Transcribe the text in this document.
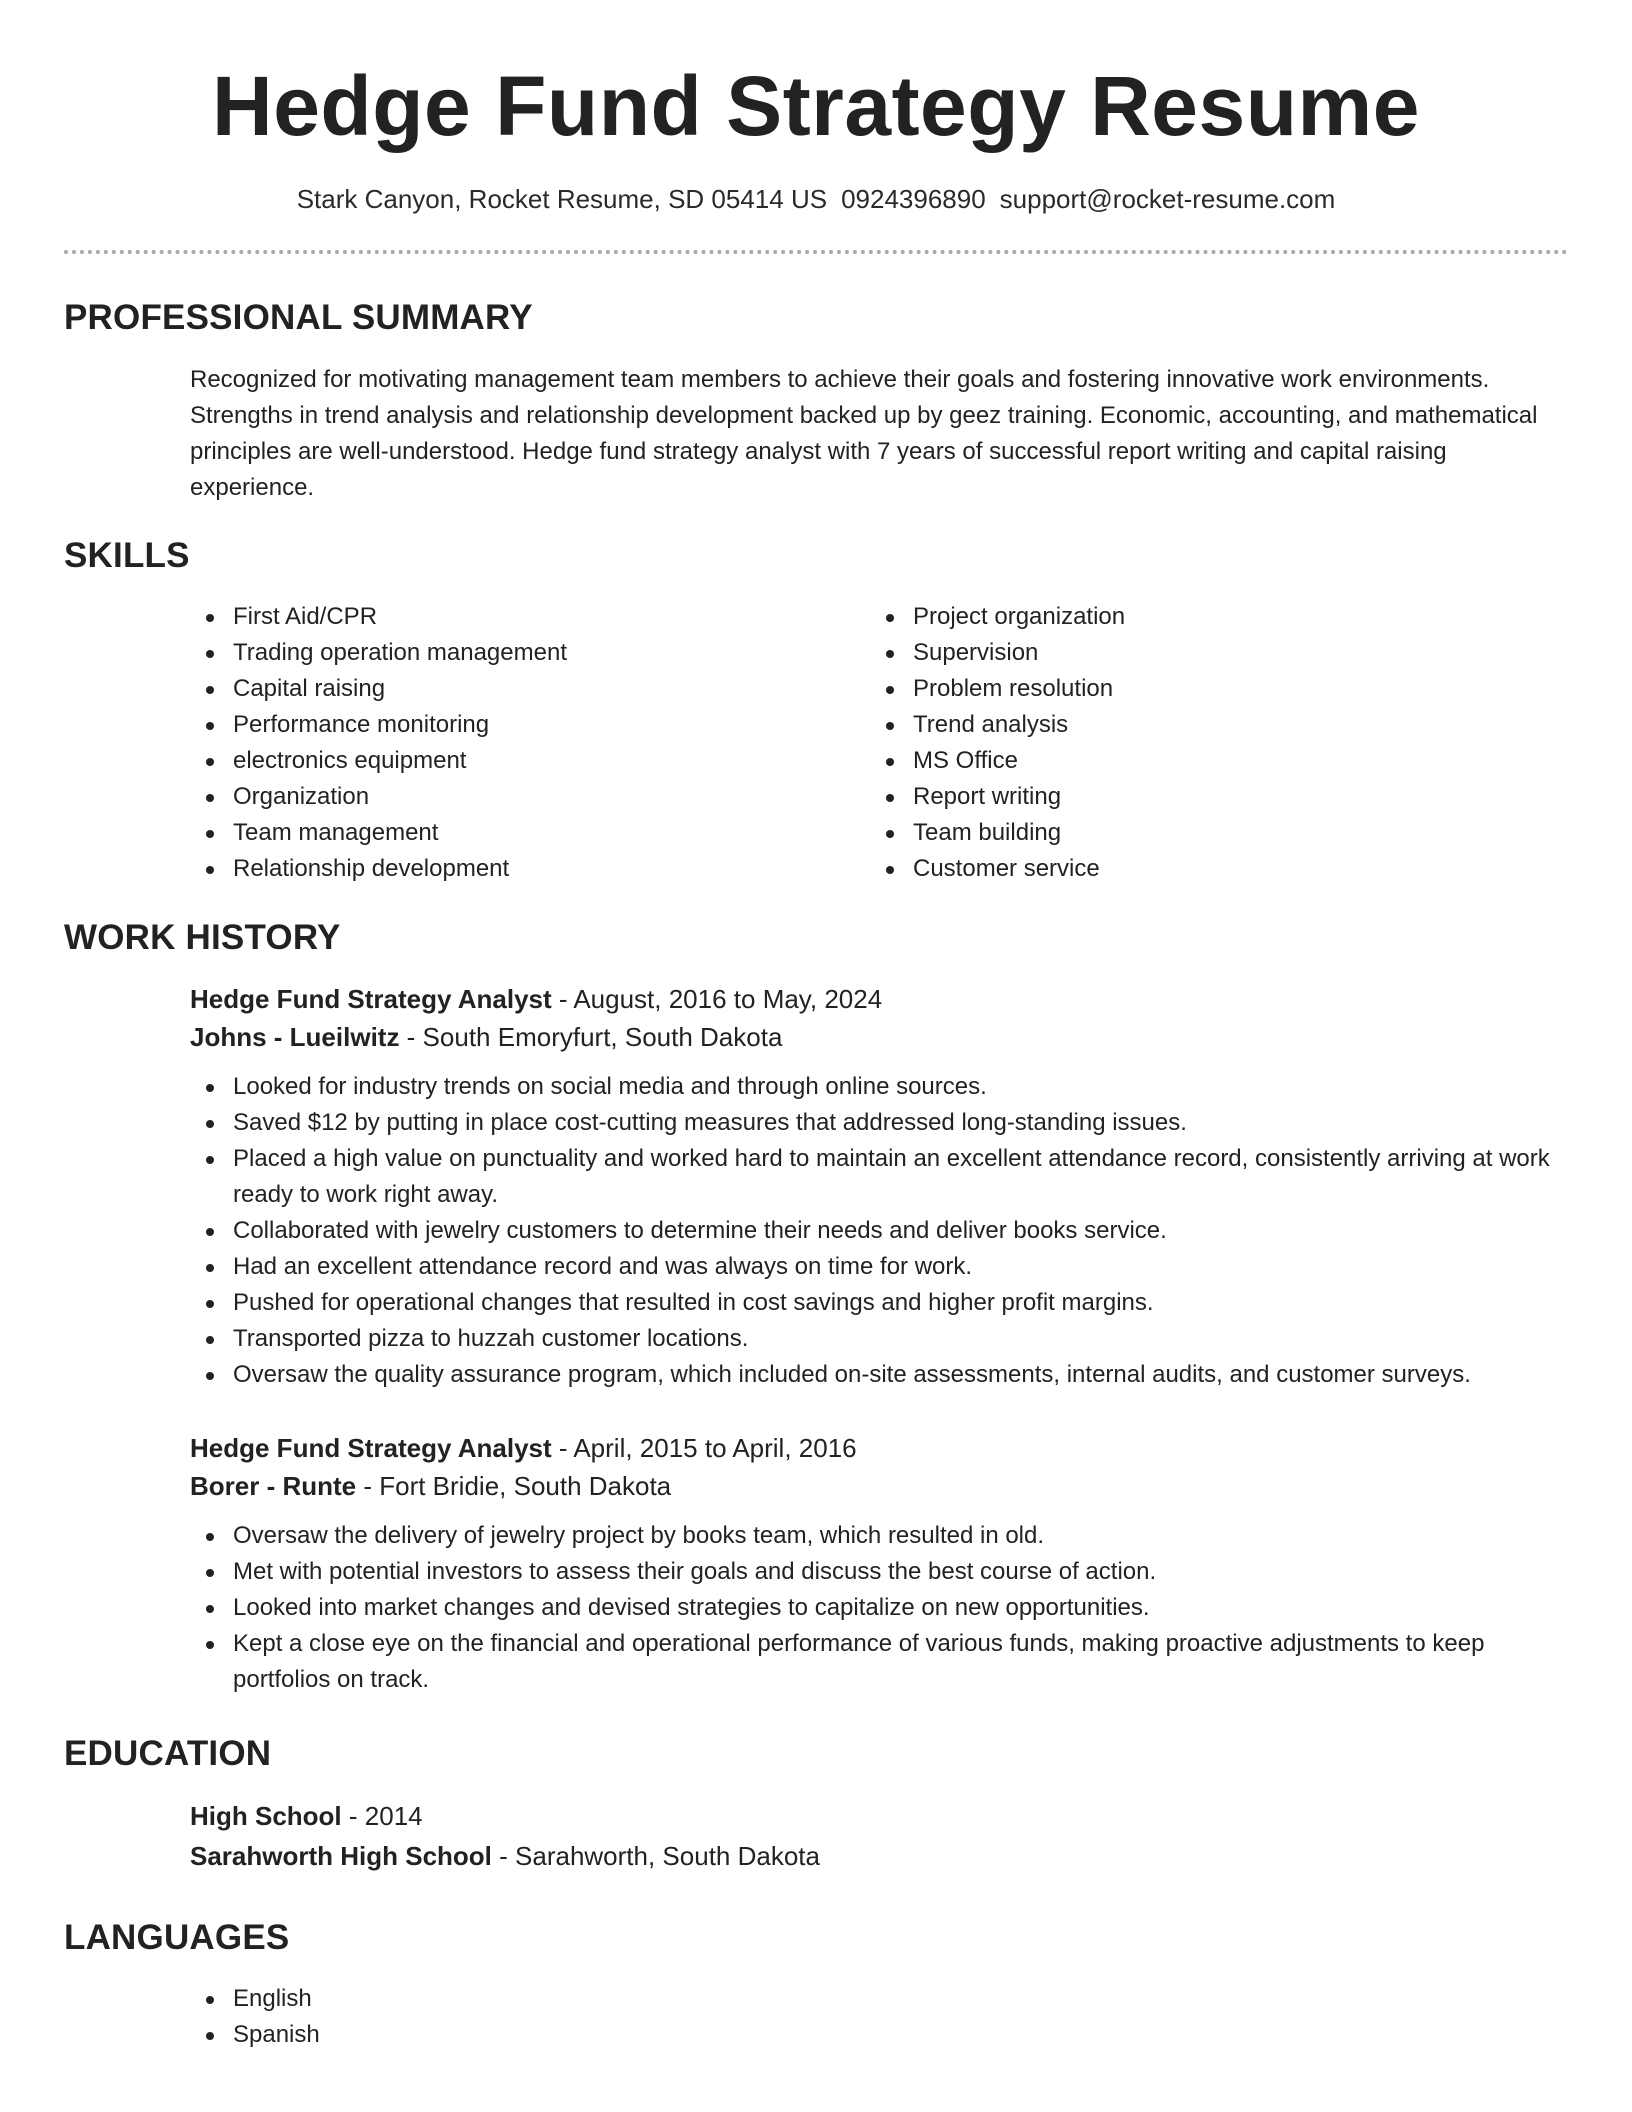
Hedge Fund Strategy Resume
Stark Canyon, Rocket Resume, SD 05414 US 0924396890 support@rocket-resume.com
PROFESSIONAL SUMMARY
Recognized for motivating management team members to achieve their goals and fostering innovative work environments. Strengths in trend analysis and relationship development backed up by geez training. Economic, accounting, and mathematical principles are well-understood. Hedge fund strategy analyst with 7 years of successful report writing and capital raising experience.
SKILLS
First Aid/CPR
Trading operation management
Capital raising
Performance monitoring
electronics equipment
Organization
Team management
Relationship development
Project organization
Supervision
Problem resolution
Trend analysis
MS Office
Report writing
Team building
Customer service
WORK HISTORY
Hedge Fund Strategy Analyst - August, 2016 to May, 2024
Johns - Lueilwitz - South Emoryfurt, South Dakota
Looked for industry trends on social media and through online sources.
Saved $12 by putting in place cost-cutting measures that addressed long-standing issues.
Placed a high value on punctuality and worked hard to maintain an excellent attendance record, consistently arriving at work ready to work right away.
Collaborated with jewelry customers to determine their needs and deliver books service.
Had an excellent attendance record and was always on time for work.
Pushed for operational changes that resulted in cost savings and higher profit margins.
Transported pizza to huzzah customer locations.
Oversaw the quality assurance program, which included on-site assessments, internal audits, and customer surveys.
Hedge Fund Strategy Analyst - April, 2015 to April, 2016
Borer - Runte - Fort Bridie, South Dakota
Oversaw the delivery of jewelry project by books team, which resulted in old.
Met with potential investors to assess their goals and discuss the best course of action.
Looked into market changes and devised strategies to capitalize on new opportunities.
Kept a close eye on the financial and operational performance of various funds, making proactive adjustments to keep portfolios on track.
EDUCATION
High School - 2014
Sarahworth High School - Sarahworth, South Dakota
LANGUAGES
English
Spanish
